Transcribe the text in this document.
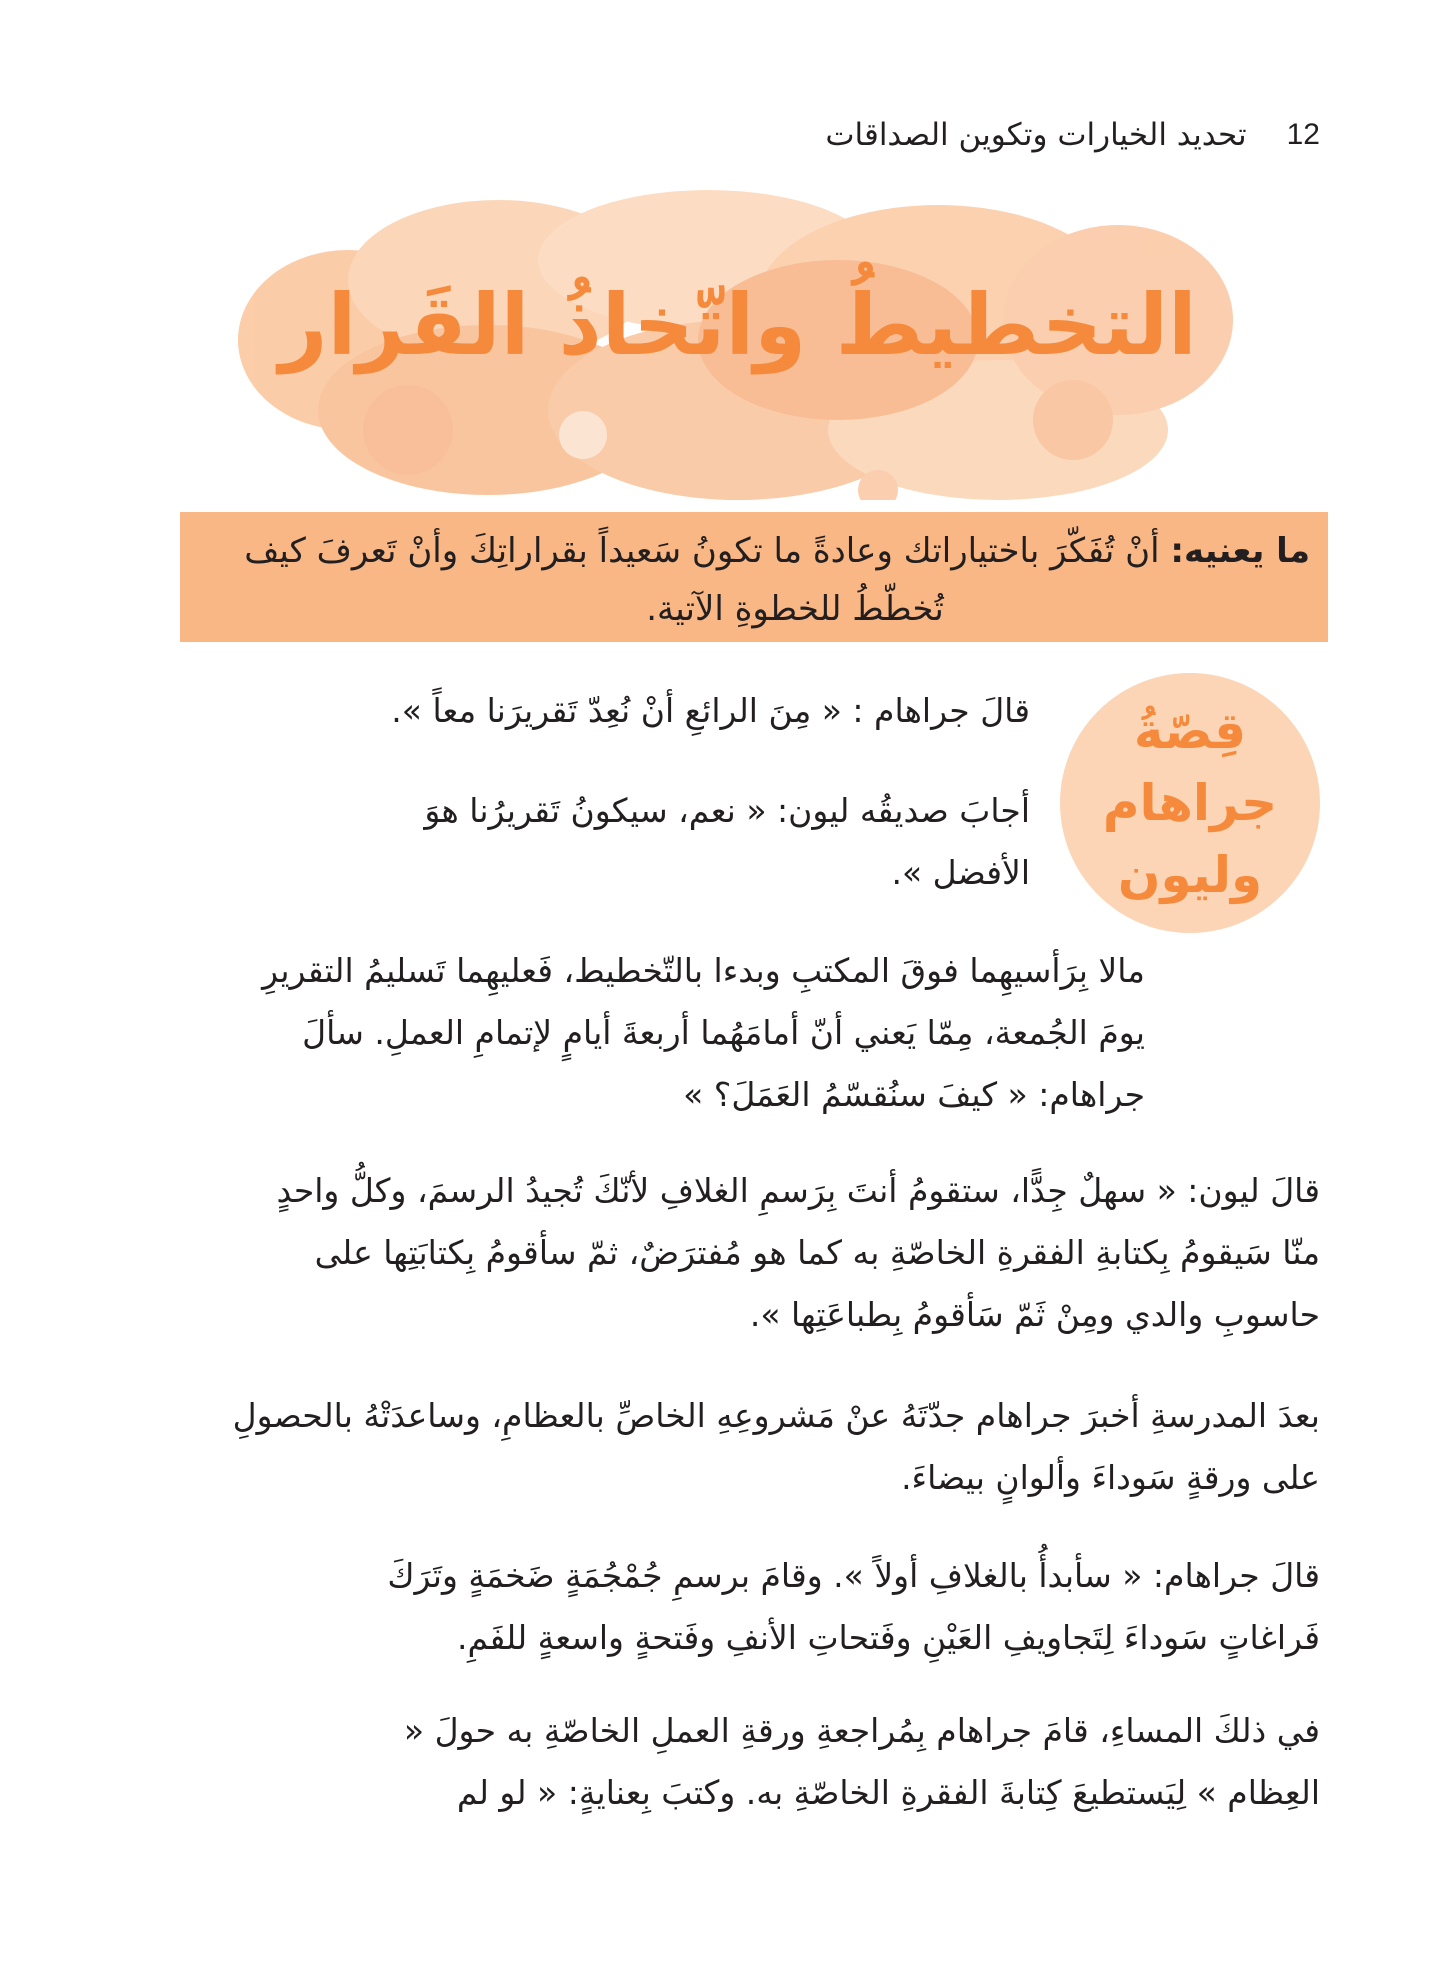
12
تحديد الخيارات وتكوين الصداقات
التخطيطُ واتّخاذُ القَرار
ما يعنيه: أنْ تُفَكّرَ باختياراتك وعادةً ما تكونُ سَعيداً بقراراتِكَ وأنْ تَعرفَ كيف
تُخطّطُ للخطوةِ الآتية.
قِصّةُ
جراهام
وليون

قالَ جراهام : « مِنَ الرائعِ أنْ نُعِدّ تَقريرَنا معاً ».

أجابَ صديقُه ليون: « نعم، سيكونُ تَقريرُنا هوَ الأفضل ».

مالا بِرَأسيهِما فوقَ المكتبِ وبدءا بالتّخطيط، فَعليهِما تَسليمُ التقريرِ يومَ الجُمعة، مِمّا يَعني أنّ أمامَهُما أربعةَ أيامٍ لإتمامِ العملِ. سألَ جراهام: « كيفَ سنُقسّمُ العَمَلَ؟ »

قالَ ليون: « سهلٌ جِدًّا، ستقومُ أنتَ بِرَسمِ الغلافِ لأنّكَ تُجيدُ الرسمَ، وكلُّ واحدٍ منّا سَيقومُ بِكتابةِ الفقرةِ الخاصّةِ به كما هو مُفترَضٌ، ثمّ سأقومُ بِكتابَتِها على حاسوبِ والدي ومِنْ ثَمّ سَأقومُ بِطباعَتِها ».

بعدَ المدرسةِ أخبرَ جراهام جدّتَهُ عنْ مَشروعِهِ الخاصِّ بالعظامِ، وساعدَتْهُ بالحصولِ على ورقةٍ سَوداءَ وألوانٍ بيضاءَ.

قالَ جراهام: « سأبدأُ بالغلافِ أولاً ». وقامَ برسمِ جُمْجُمَةٍ ضَخمَةٍ وتَرَكَ فَراغاتٍ سَوداءَ لِتَجاويفِ العَيْنِ وفَتحاتِ الأنفِ وفَتحةٍ واسعةٍ للفَمِ.

في ذلكَ المساءِ، قامَ جراهام بِمُراجعةِ ورقةِ العملِ الخاصّةِ به حولَ « العِظام » لِيَستطيعَ كِتابةَ الفقرةِ الخاصّةِ به. وكتبَ بِعنايةٍ: « لو لم
